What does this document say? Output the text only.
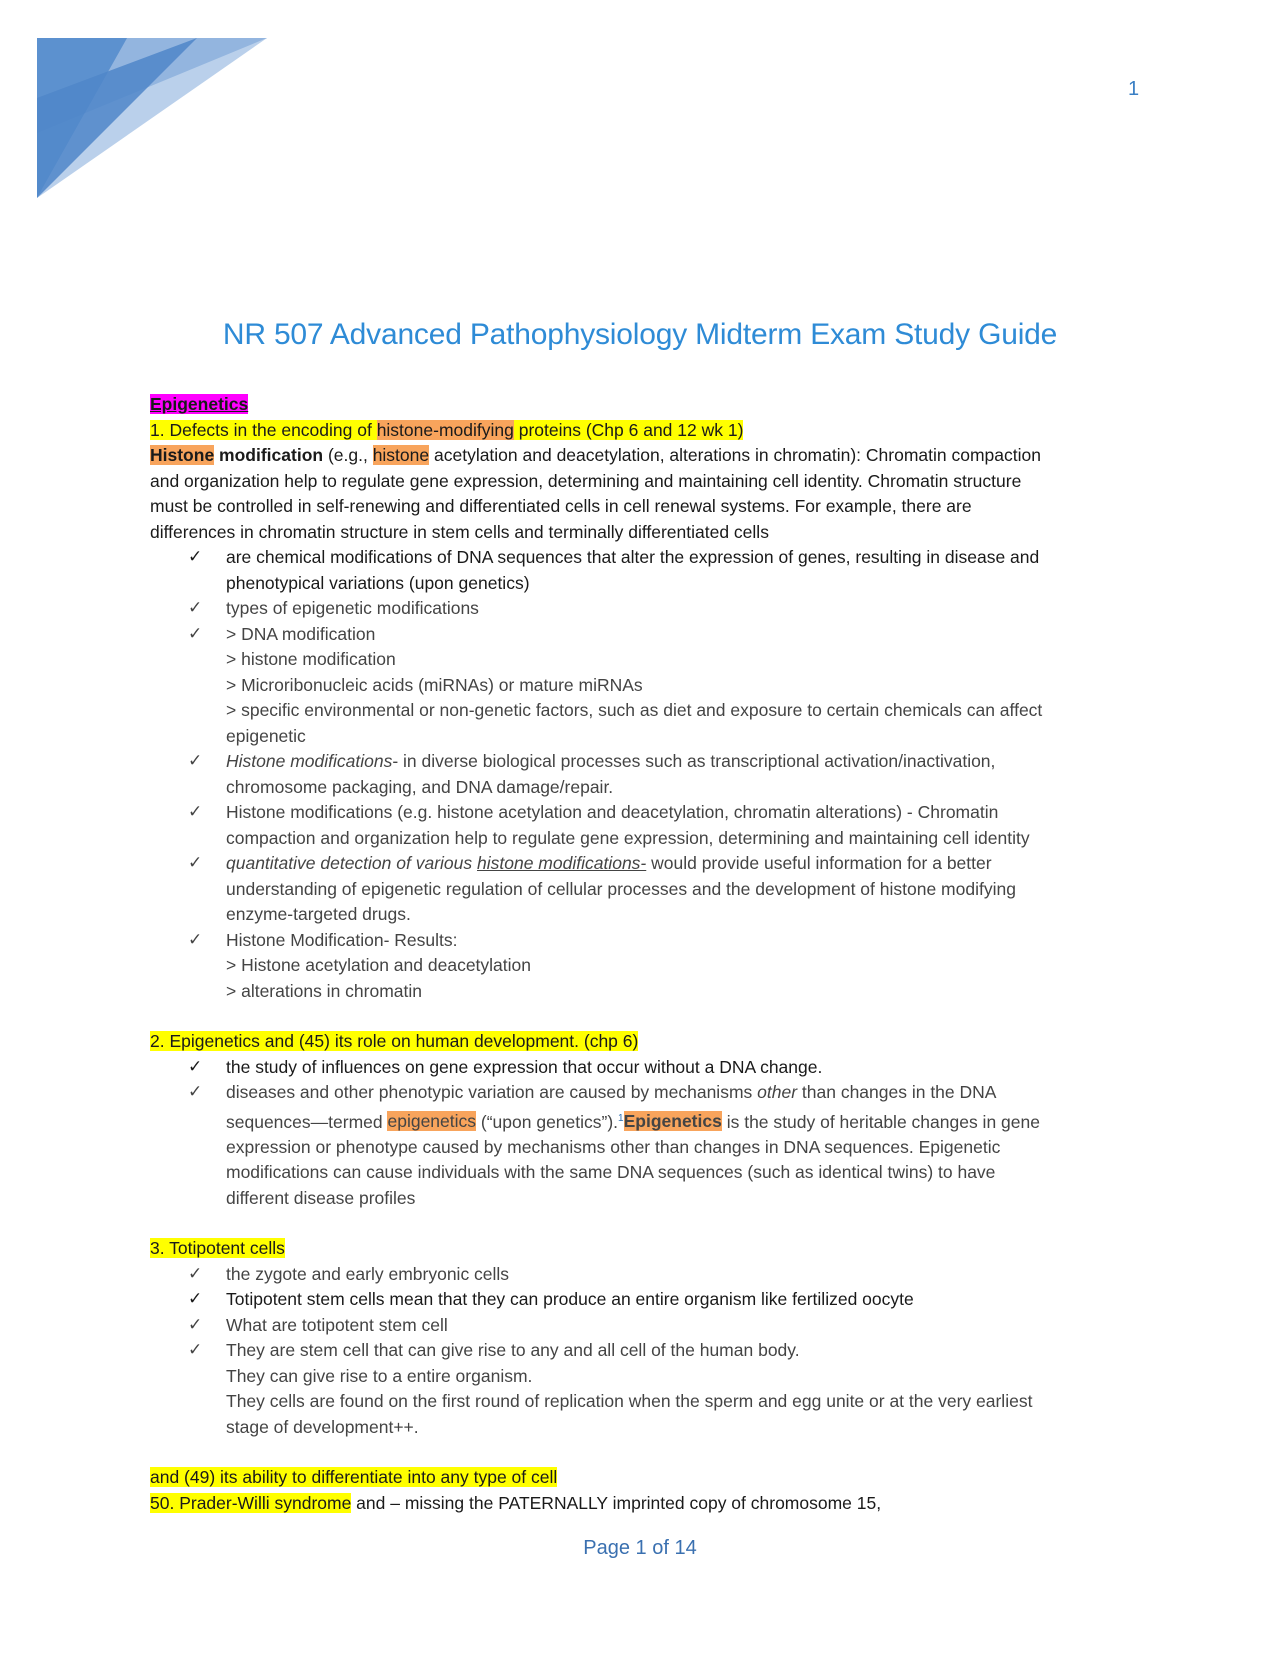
1
NR 507 Advanced Pathophysiology Midterm Exam Study Guide
Epigenetics
1. Defects in the encoding of histone-modifying proteins (Chp 6 and 12 wk 1)
Histone modification (e.g., histone acetylation and deacetylation, alterations in chromatin): Chromatin compaction
and organization help to regulate gene expression, determining and maintaining cell identity. Chromatin structure
must be controlled in self-renewing and differentiated cells in cell renewal systems. For example, there are
differences in chromatin structure in stem cells and terminally differentiated cells
✓ are chemical modifications of DNA sequences that alter the expression of genes, resulting in disease and
phenotypical variations (upon genetics)
✓ types of epigenetic modifications
✓ > DNA modification
> histone modification
> Microribonucleic acids (miRNAs) or mature miRNAs
> specific environmental or non-genetic factors, such as diet and exposure to certain chemicals can affect
epigenetic
✓ Histone modifications- in diverse biological processes such as transcriptional activation/inactivation,
chromosome packaging, and DNA damage/repair.
✓ Histone modifications (e.g. histone acetylation and deacetylation, chromatin alterations) - Chromatin
compaction and organization help to regulate gene expression, determining and maintaining cell identity
✓ quantitative detection of various histone modifications- would provide useful information for a better
understanding of epigenetic regulation of cellular processes and the development of histone modifying
enzyme-targeted drugs.
✓ Histone Modification- Results:
> Histone acetylation and deacetylation
> alterations in chromatin
2. Epigenetics and (45) its role on human development. (chp 6)
✓ the study of influences on gene expression that occur without a DNA change.
✓ diseases and other phenotypic variation are caused by mechanisms other than changes in the DNA
sequences—termed epigenetics (“upon genetics”).$^1$Epigenetics is the study of heritable changes in gene
expression or phenotype caused by mechanisms other than changes in DNA sequences. Epigenetic
modifications can cause individuals with the same DNA sequences (such as identical twins) to have
different disease profiles
3. Totipotent cells
✓ the zygote and early embryonic cells
✓ Totipotent stem cells mean that they can produce an entire organism like fertilized oocyte
✓ What are totipotent stem cell
✓ They are stem cell that can give rise to any and all cell of the human body.
They can give rise to a entire organism.
They cells are found on the first round of replication when the sperm and egg unite or at the very earliest
stage of development++.
and (49) its ability to differentiate into any type of cell
50. Prader-Willi syndrome and – missing the PATERNALLY imprinted copy of chromosome 15,
Page 1 of 14
